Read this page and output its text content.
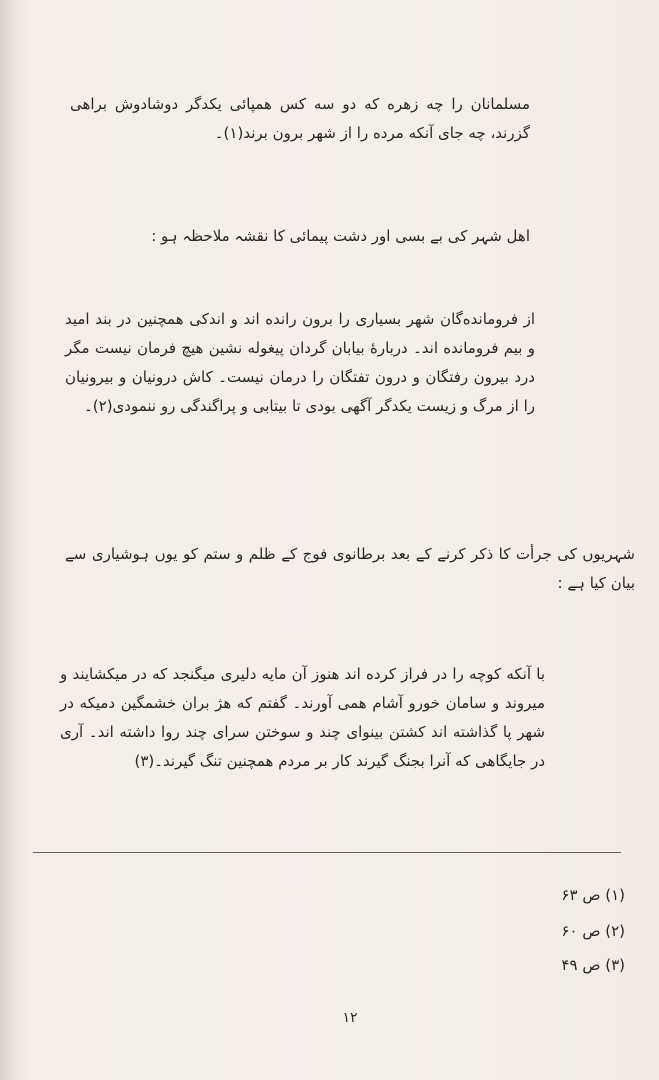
مسلمانان را چه زهره که دو سه کس همپائی یکدگر دوشادوش براهی گزرند، چه جای آنکه مرده را از شهر برون برند(۱)۔

اهل شہر کی بے بسی اور دشت پیمائی کا نقشہ ملاحظہ ہو :

از فرومانده‌گان شهر بسیاری را برون رانده اند و اندکی همچنین در بند امید و بیم فرومانده اند۔ دربارهٔ بیابان گردان پیغوله نشین هیچ فرمان نیست مگر درد بیرون رفتگان و درون تفتگان را درمان نیست۔ کاش درونیان و بیرونیان را از مرگ و زیست یکدگر آگهی بودی تا بیتابی و پراگندگی رو ننمودی(۲)۔

شہریوں کی جرأت کا ذکر کرنے کے بعد برطانوی فوج کے ظلم و ستم کو یوں ہوشیاری سے بیان کیا ہے :

با آنکه کوچه را در فراز کرده اند هنوز آن مایه دلیری میگنجد که در میکشایند و میروند و سامان خورو آشام همی آورند۔ گفتم که هژ بران خشمگین دمیکه در شهر پا گذاشته اند کشتن بینوای چند و سوختن سرای چند روا داشته اند۔ آری در جایگاهی که آنرا بجنگ گیرند کار بر مردم همچنین تنگ گیرند۔(۳)

(۱) ص ۶۳
(۲) ص ۶۰
(۳) ص ۴۹
۱۲
